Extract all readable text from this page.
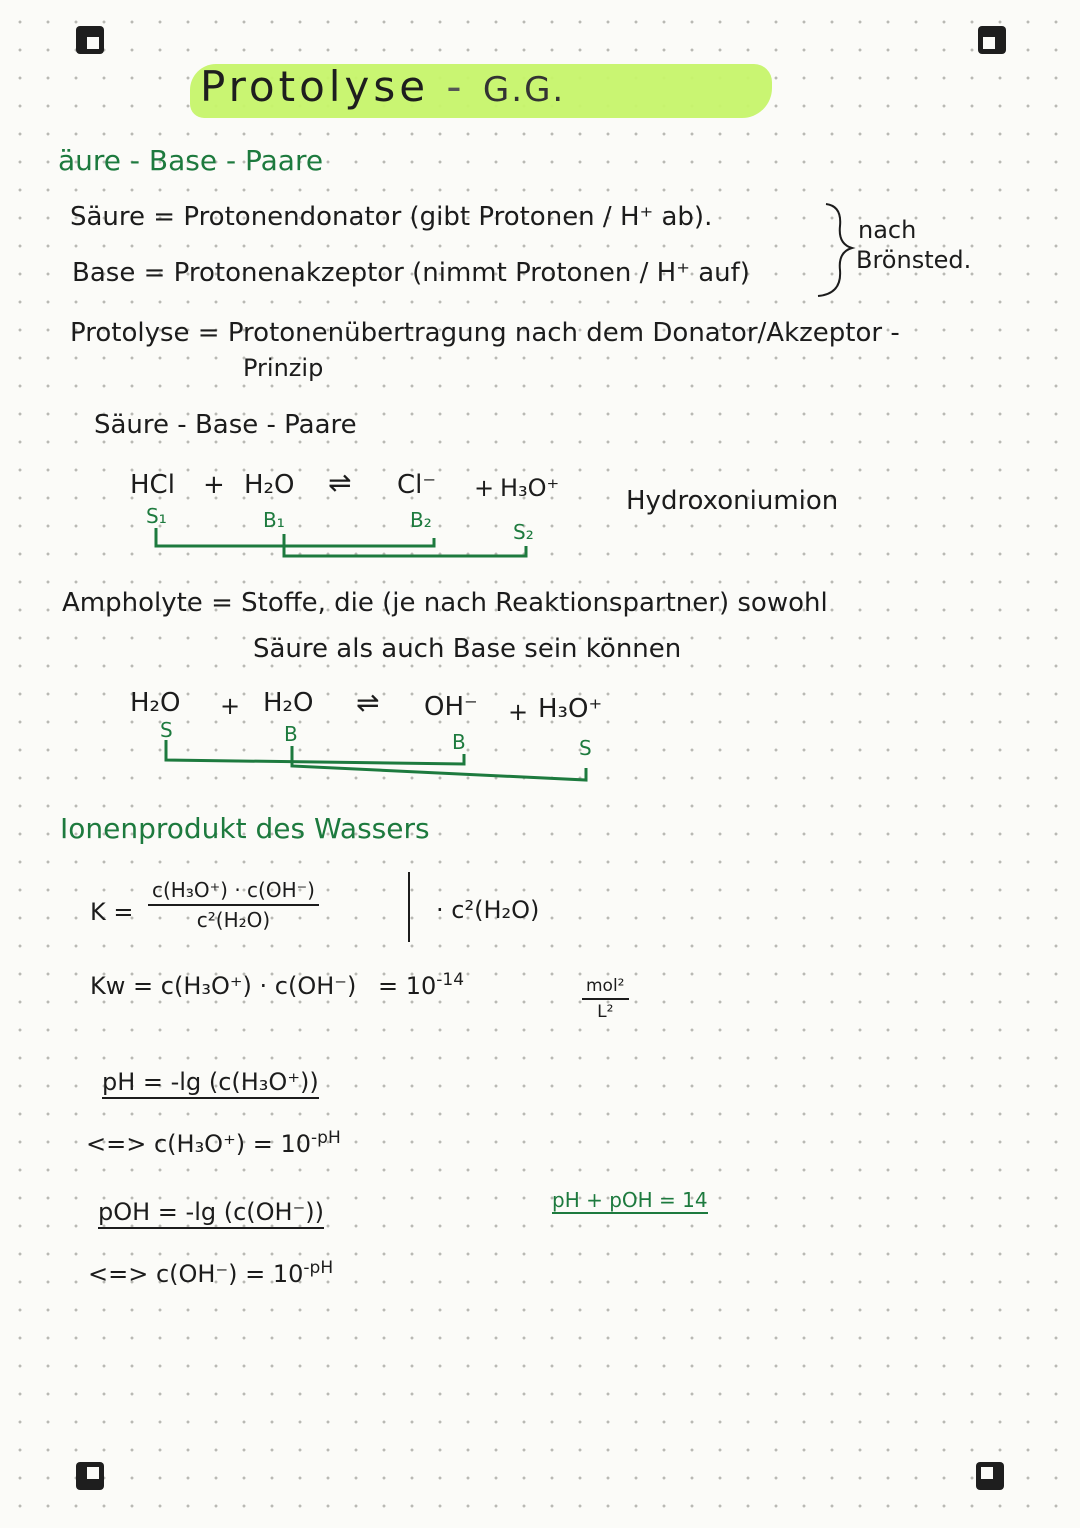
Protolyse - G.G.
äure - Base - Paare
Säure = Protonendonator (gibt Protonen / H⁺ ab).
Base = Protonenakzeptor (nimmt Protonen / H⁺ auf)
nach
Brönsted.
Protolyse = Protonenübertragung nach dem Donator/Akzeptor -
Prinzip
Säure - Base - Paare
HCl + H₂O ⇌ Cl⁻ + H₃O⁺	Hydroxoniumion
S₁	B₁	B₂	S₂
Ampholyte = Stoffe, die (je nach Reaktionspartner) sowohl
Säure als auch Base sein können
H₂O + H₂O ⇌ OH⁻ + H₃O⁺
S	B	B	S
Ionenprodukt des Wassers
$K = \frac{\text{c(H₃O⁺) · c(OH⁻)}}{\text{c²(H₂O)}}$	· c²(H₂O)
$Kw = c(H_3O^+) \cdot c(OH^-) = 10^{-14}$	$\frac{\text{mol²}}{\text{L²}}$
pH = -lg (c(H₃O⁺))
<=> $c(H_3O^+) = 10^{-pH}$
pOH = -lg (c(OH⁻))	pH + pOH = 14
<=> $c(OH^-) = 10^{-pH}$
